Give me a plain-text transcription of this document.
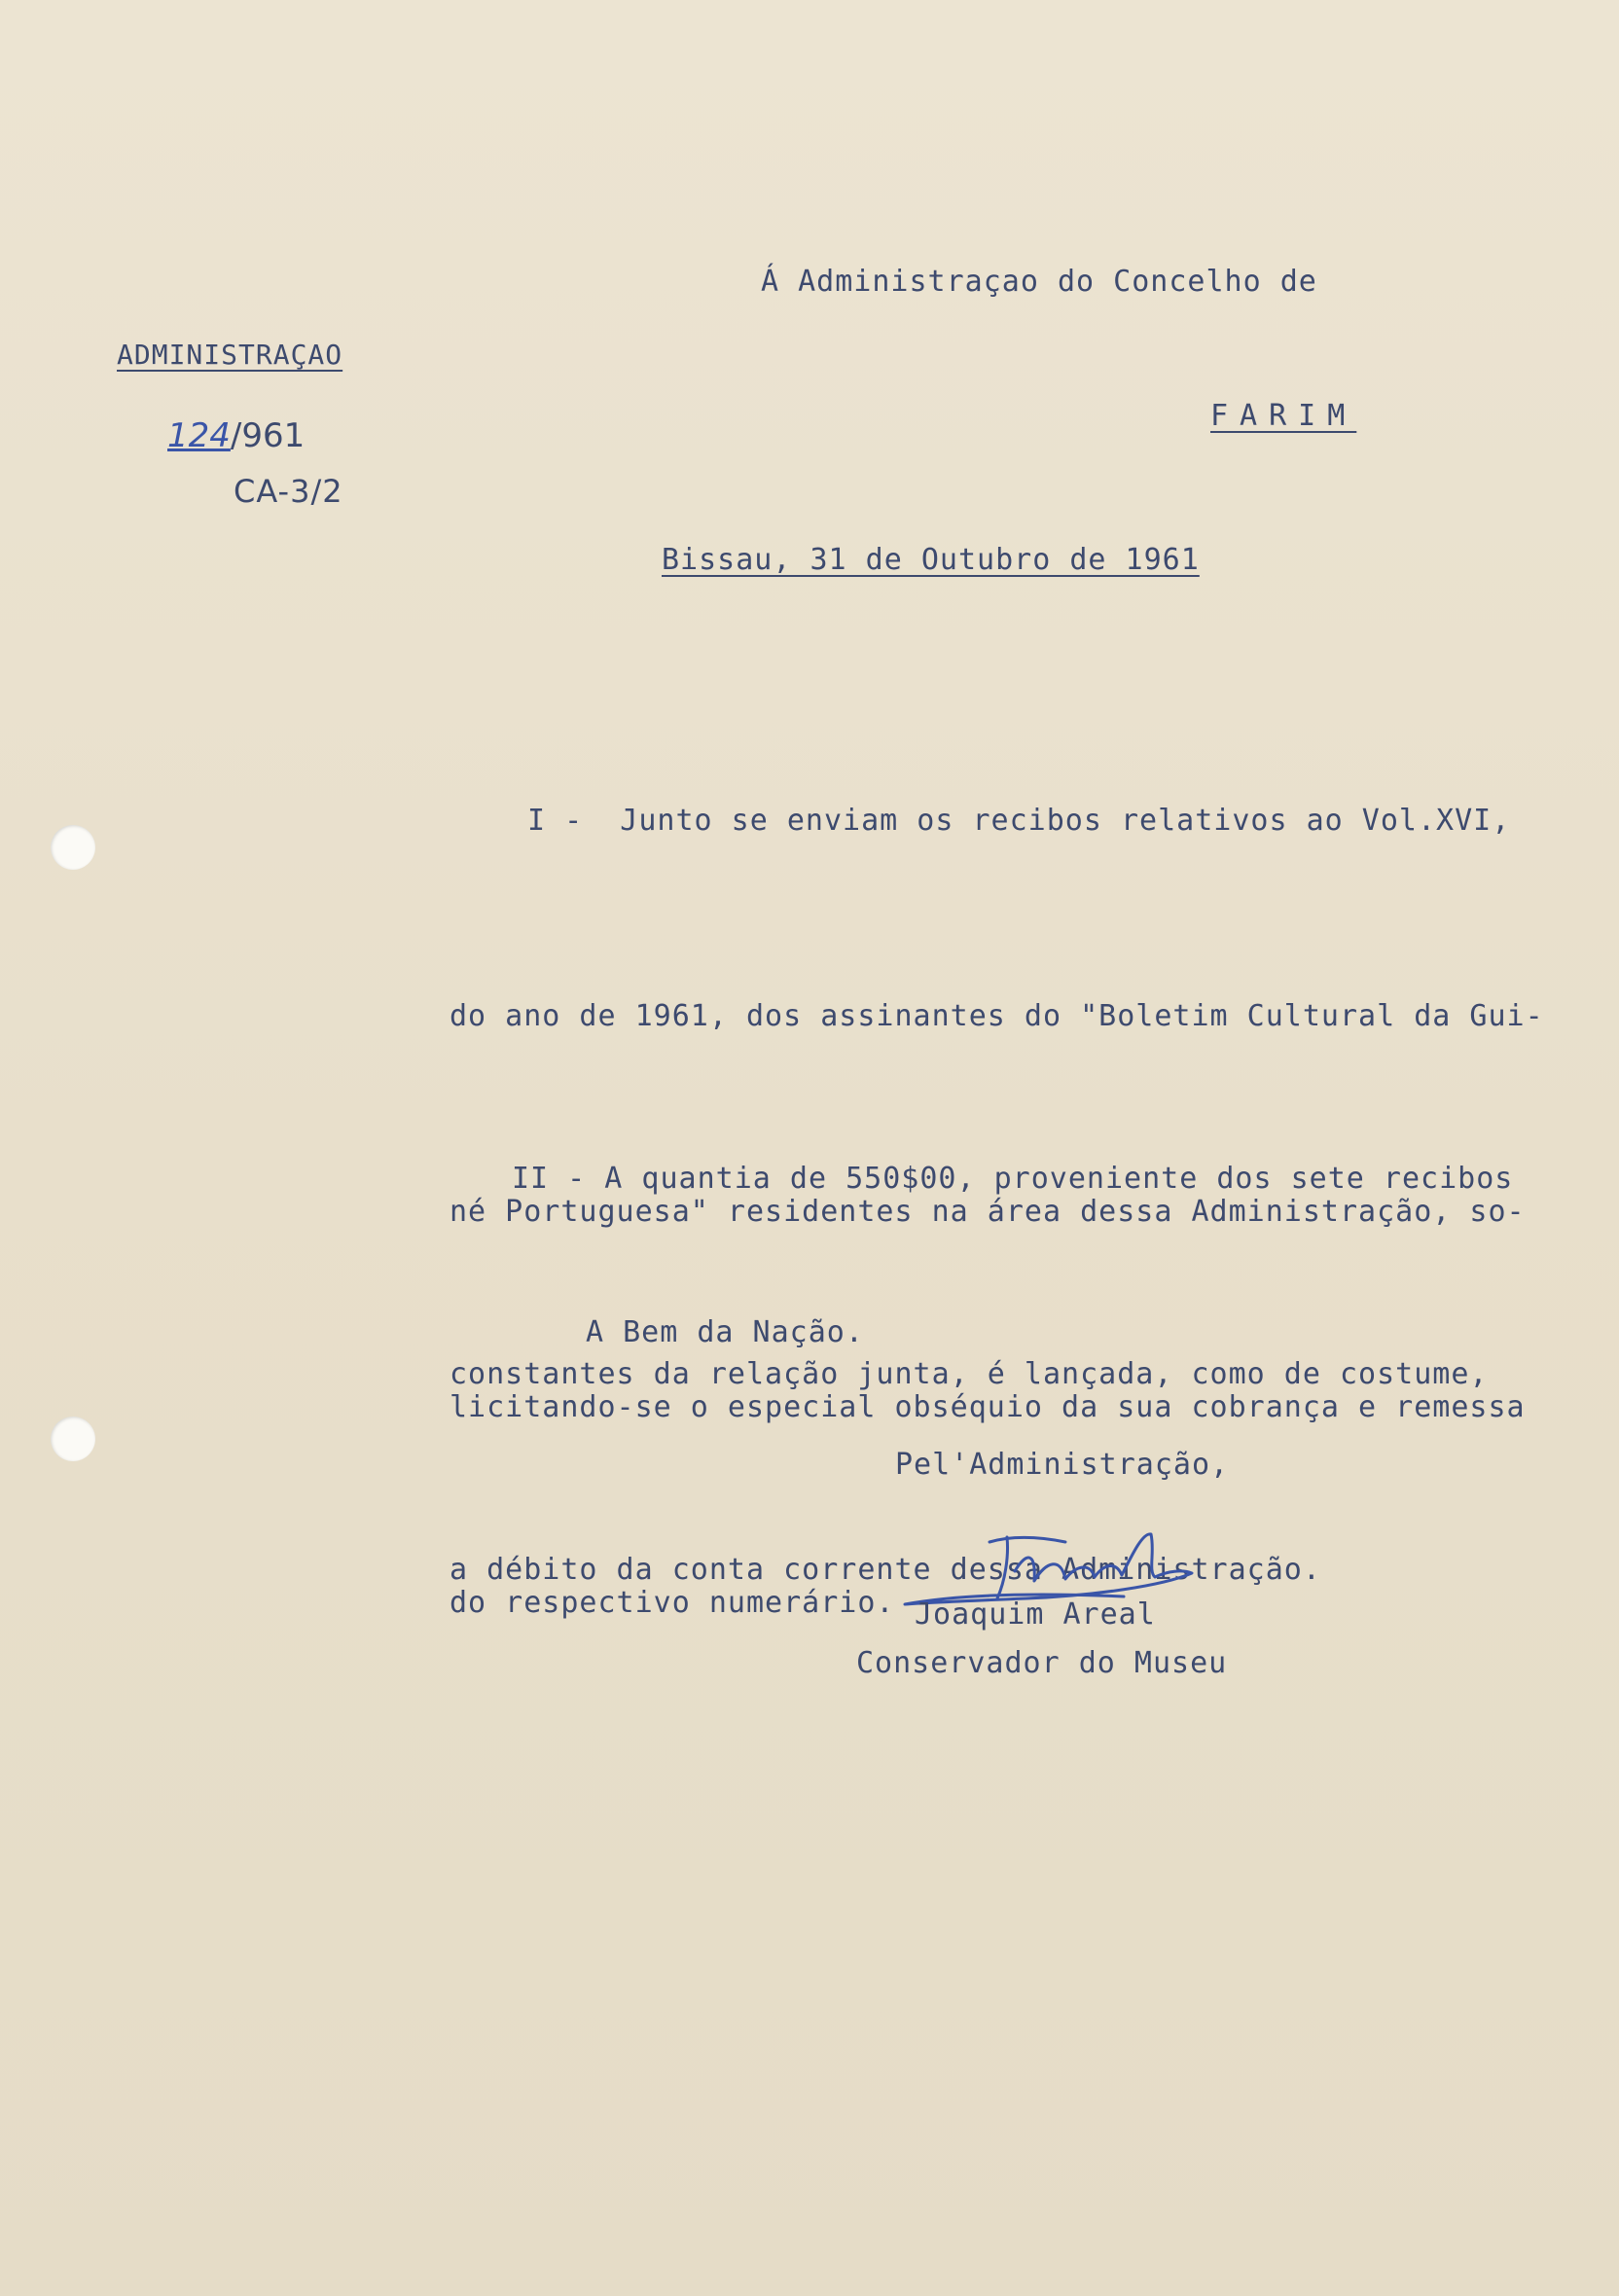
Á Administraçao do Concelho de
ADMINISTRAÇAO
124/961
CA-3/2
FARIM
Bissau, 31 de Outubro de 1961

I -  Junto se enviam os recibos relativos ao Vol.XVI,

do ano de 1961, dos assinantes do "Boletim Cultural da Gui-

né Portuguesa" residentes na área dessa Administração, so-

licitando-se o especial obséquio da sua cobrança e remessa

do respectivo numerário.

II - A quantia de 550$00, proveniente dos sete recibos

constantes da relação junta, é lançada, como de costume,

a débito da conta corrente dessa Administração.

A Bem da Nação.
Pel'Administração,
Joaquim Areal
Conservador do Museu
